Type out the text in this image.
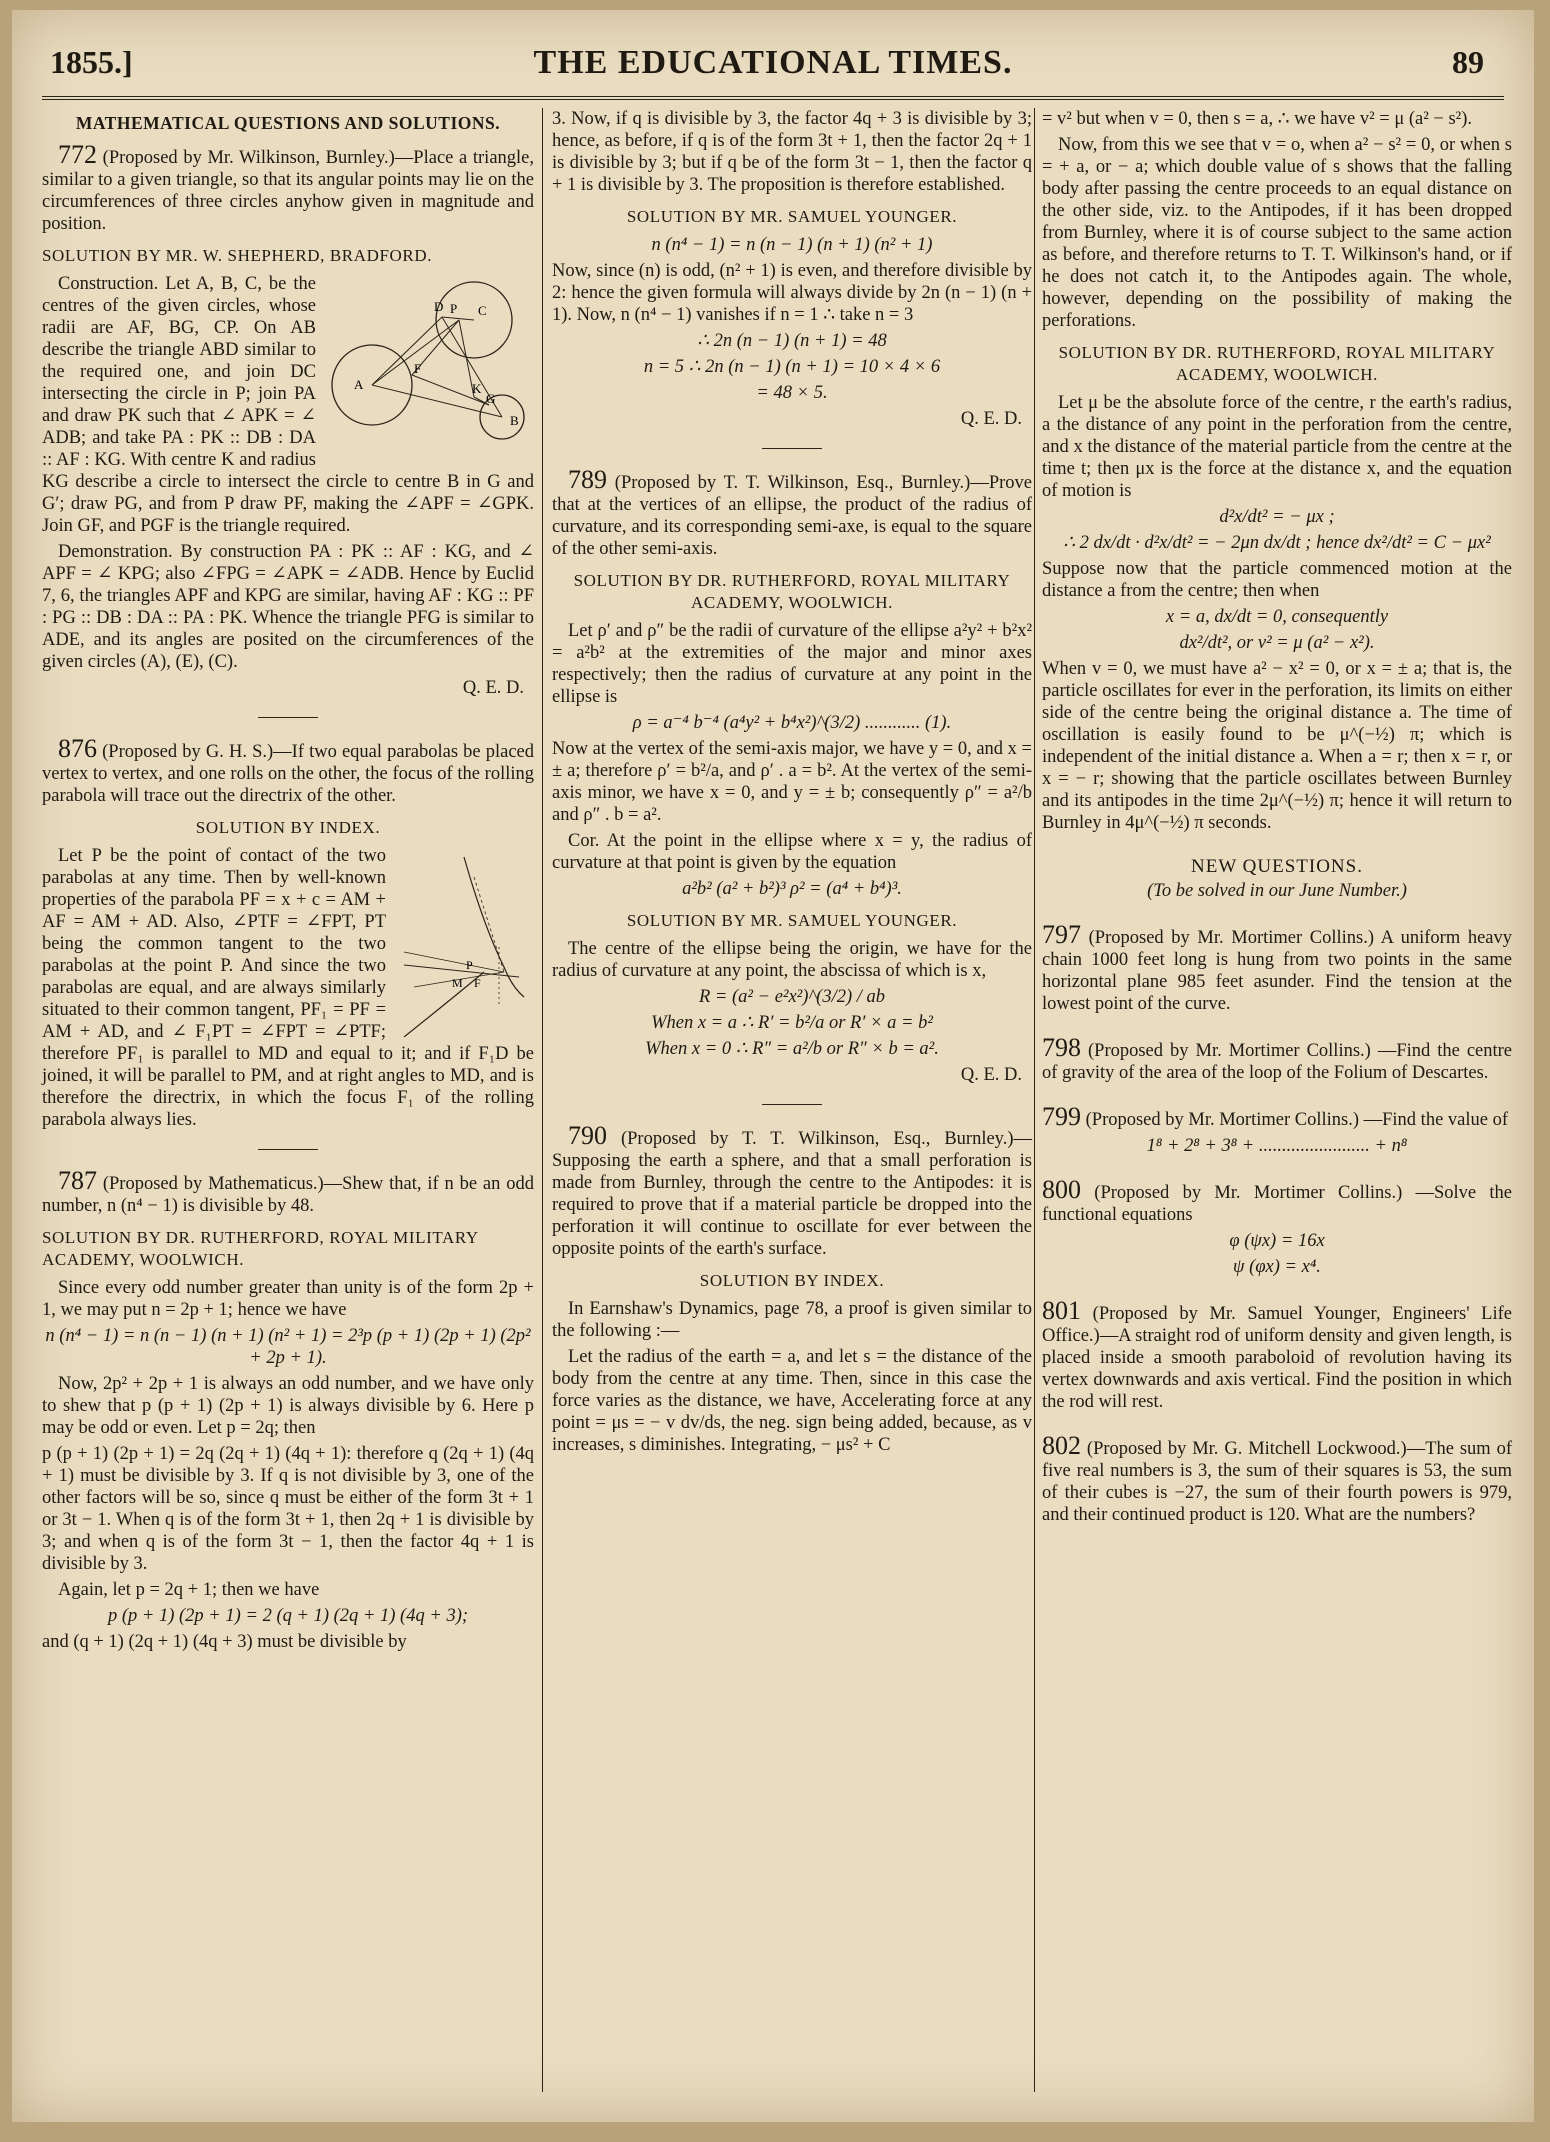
1855.]	THE EDUCATIONAL TIMES.	89
MATHEMATICAL QUESTIONS AND SOLUTIONS.

772 (Proposed by Mr. Wilkinson, Burnley.)—Place a triangle, similar to a given triangle, so that its angular points may lie on the circumferences of three circles anyhow given in magnitude and position.

SOLUTION BY MR. W. SHEPHERD, BRADFORD.
D P C
A
F
K
G
B

Construction. Let A, B, C, be the centres of the given circles, whose radii are AF, BG, CP. On AB describe the triangle ABD similar to the required one, and join DC intersecting the circle in P; join PA and draw PK such that ∠ APK = ∠ ADB; and take PA : PK :: DB : DA :: AF : KG. With centre K and radius KG describe a circle to intersect the circle to centre B in G and G′; draw PG, and from P draw PF, making the ∠APF = ∠GPK. Join GF, and PGF is the triangle required.

Demonstration. By construction PA : PK :: AF : KG, and ∠ APF = ∠ KPG; also ∠FPG = ∠APK = ∠ADB. Hence by Euclid 7, 6, the triangles APF and KPG are similar, having AF : KG :: PF : PG :: DB : DA :: PA : PK. Whence the triangle PFG is similar to ADE, and its angles are posited on the circumferences of the given circles (A), (E), (C).

Q. E. D.

876 (Proposed by G. H. S.)—If two equal parabolas be placed vertex to vertex, and one rolls on the other, the focus of the rolling parabola will trace out the directrix of the other.

SOLUTION BY INDEX.
P
M F

Let P be the point of contact of the two parabolas at any time. Then by well-known properties of the parabola PF = x + c = AM + AF = AM + AD. Also, ∠PTF = ∠FPT, PT being the common tangent to the two parabolas at the point P. And since the two parabolas are equal, and are always similarly situated to their common tangent, PF₁ = PF = AM + AD, and ∠ F₁PT = ∠FPT = ∠PTF; therefore PF₁ is parallel to MD and equal to it; and if F₁D be joined, it will be parallel to PM, and at right angles to MD, and is therefore the directrix, in which the focus F₁ of the rolling parabola always lies.

787 (Proposed by Mathematicus.)—Shew that, if n be an odd number, n (n⁴ − 1) is divisible by 48.

SOLUTION BY DR. RUTHERFORD, ROYAL MILITARY ACADEMY, WOOLWICH.

Since every odd number greater than unity is of the form 2p + 1, we may put n = 2p + 1; hence we have

n (n⁴ − 1) = n (n − 1) (n + 1) (n² + 1) = 2³p (p + 1) (2p + 1) (2p² + 2p + 1).

Now, 2p² + 2p + 1 is always an odd number, and we have only to shew that p (p + 1) (2p + 1) is always divisible by 6. Here p may be odd or even. Let p = 2q; then

p (p + 1) (2p + 1) = 2q (2q + 1) (4q + 1): therefore q (2q + 1) (4q + 1) must be divisible by 3. If q is not divisible by 3, one of the other factors will be so, since q must be either of the form 3t + 1 or 3t − 1. When q is of the form 3t + 1, then 2q + 1 is divisible by 3; and when q is of the form 3t − 1, then the factor 4q + 1 is divisible by 3.

Again, let p = 2q + 1; then we have

p (p + 1) (2p + 1) = 2 (q + 1) (2q + 1) (4q + 3);

and (q + 1) (2q + 1) (4q + 3) must be divisible by

3. Now, if q is divisible by 3, the factor 4q + 3 is divisible by 3; hence, as before, if q is of the form 3t + 1, then the factor 2q + 1 is divisible by 3; but if q be of the form 3t − 1, then the factor q + 1 is divisible by 3. The proposition is therefore established.

SOLUTION BY MR. SAMUEL YOUNGER.
n (n⁴ − 1) = n (n − 1) (n + 1) (n² + 1)

Now, since (n) is odd, (n² + 1) is even, and therefore divisible by 2: hence the given formula will always divide by 2n (n − 1) (n + 1). Now, n (n⁴ − 1) vanishes if n = 1 ∴ take n = 3

∴ 2n (n − 1) (n + 1) = 48
n = 5 ∴ 2n (n − 1) (n + 1) = 10 × 4 × 6
= 48 × 5.
Q. E. D.

789 (Proposed by T. T. Wilkinson, Esq., Burnley.)—Prove that at the vertices of an ellipse, the product of the radius of curvature, and its corresponding semi-axe, is equal to the square of the other semi-axis.

SOLUTION BY DR. RUTHERFORD, ROYAL MILITARY ACADEMY, WOOLWICH.

Let ρ′ and ρ″ be the radii of curvature of the ellipse a²y² + b²x² = a²b² at the extremities of the major and minor axes respectively; then the radius of curvature at any point in the ellipse is

ρ = a⁻⁴ b⁻⁴ (a⁴y² + b⁴x²)^(3/2) ............ (1).

Now at the vertex of the semi-axis major, we have y = 0, and x = ± a; therefore ρ′ = b²/a, and ρ′ . a = b². At the vertex of the semi-axis minor, we have x = 0, and y = ± b; consequently ρ″ = a²/b and ρ″ . b = a².

Cor. At the point in the ellipse where x = y, the radius of curvature at that point is given by the equation

a²b² (a² + b²)³ ρ² = (a⁴ + b⁴)³.
SOLUTION BY MR. SAMUEL YOUNGER.

The centre of the ellipse being the origin, we have for the radius of curvature at any point, the abscissa of which is x,

R = (a² − e²x²)^(3/2) / ab
When x = a ∴ R′ = b²/a or R′ × a = b²
When x = 0 ∴ R″ = a²/b or R″ × b = a².
Q. E. D.

790 (Proposed by T. T. Wilkinson, Esq., Burnley.)—Supposing the earth a sphere, and that a small perforation is made from Burnley, through the centre to the Antipodes: it is required to prove that if a material particle be dropped into the perforation it will continue to oscillate for ever between the opposite points of the earth's surface.

SOLUTION BY INDEX.

In Earnshaw's Dynamics, page 78, a proof is given similar to the following :—

Let the radius of the earth = a, and let s = the distance of the body from the centre at any time. Then, since in this case the force varies as the distance, we have, Accelerating force at any point = μs = − v dv/ds, the neg. sign being added, because, as v increases, s diminishes. Integrating, − μs² + C

= v² but when v = 0, then s = a, ∴ we have v² = μ (a² − s²).

Now, from this we see that v = o, when a² − s² = 0, or when s = + a, or − a; which double value of s shows that the falling body after passing the centre proceeds to an equal distance on the other side, viz. to the Antipodes, if it has been dropped from Burnley, where it is of course subject to the same action as before, and therefore returns to T. T. Wilkinson's hand, or if he does not catch it, to the Antipodes again. The whole, however, depending on the possibility of making the perforations.

SOLUTION BY DR. RUTHERFORD, ROYAL MILITARY ACADEMY, WOOLWICH.

Let μ be the absolute force of the centre, r the earth's radius, a the distance of any point in the perforation from the centre, and x the distance of the material particle from the centre at the time t; then μx is the force at the distance x, and the equation of motion is

d²x/dt² = − μx ;
∴ 2 dx/dt · d²x/dt² = − 2μn dx/dt ; hence dx²/dt² = C − μx²

Suppose now that the particle commenced motion at the distance a from the centre; then when

x = a, dx/dt = 0, consequently
dx²/dt², or v² = μ (a² − x²).

When v = 0, we must have a² − x² = 0, or x = ± a; that is, the particle oscillates for ever in the perforation, its limits on either side of the centre being the original distance a. The time of oscillation is easily found to be μ^(−½) π; which is independent of the initial distance a. When a = r; then x = r, or x = − r; showing that the particle oscillates between Burnley and its antipodes in the time 2μ^(−½) π; hence it will return to Burnley in 4μ^(−½) π seconds.

NEW QUESTIONS.
(To be solved in our June Number.)

797 (Proposed by Mr. Mortimer Collins.) A uniform heavy chain 1000 feet long is hung from two points in the same horizontal plane 985 feet asunder. Find the tension at the lowest point of the curve.

798 (Proposed by Mr. Mortimer Collins.) —Find the centre of gravity of the area of the loop of the Folium of Descartes.

799 (Proposed by Mr. Mortimer Collins.) —Find the value of

1⁸ + 2⁸ + 3⁸ + ........................ + n⁸

800 (Proposed by Mr. Mortimer Collins.) —Solve the functional equations

φ (ψx) = 16x
ψ (φx) = x⁴.

801 (Proposed by Mr. Samuel Younger, Engineers' Life Office.)—A straight rod of uniform density and given length, is placed inside a smooth paraboloid of revolution having its vertex downwards and axis vertical. Find the position in which the rod will rest.

802 (Proposed by Mr. G. Mitchell Lockwood.)—The sum of five real numbers is 3, the sum of their squares is 53, the sum of their cubes is −27, the sum of their fourth powers is 979, and their continued product is 120. What are the numbers?
